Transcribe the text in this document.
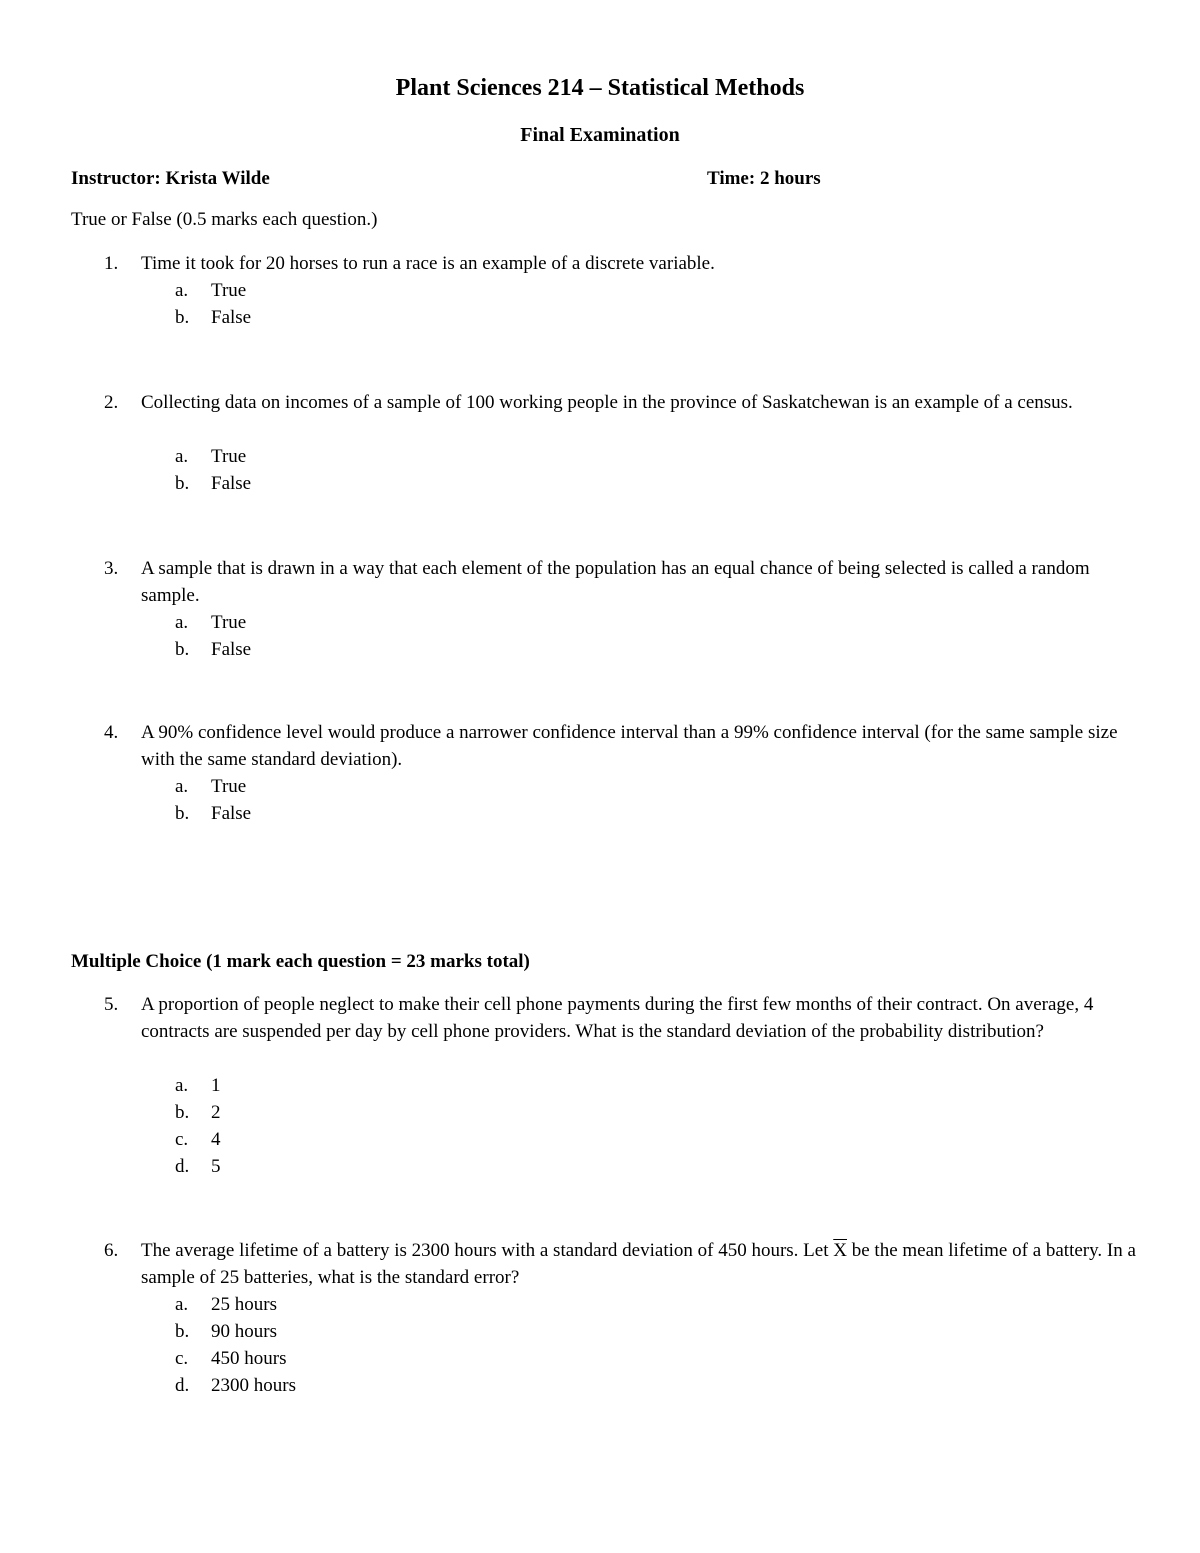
Plant Sciences 214 – Statistical Methods
Final Examination
Instructor: Krista Wilde	Time: 2 hours
True or False (0.5 marks each question.)
1. Time it took for 20 horses to run a race is an example of a discrete variable.
a. True
b. False
2. Collecting data on incomes of a sample of 100 working people in the province of Saskatchewan is an example of a census.
a. True
b. False
3. A sample that is drawn in a way that each element of the population has an equal chance of being selected is called a random sample.
a. True
b. False
4. A 90% confidence level would produce a narrower confidence interval than a 99% confidence interval (for the same sample size with the same standard deviation).
a. True
b. False
Multiple Choice (1 mark each question = 23 marks total)
5. A proportion of people neglect to make their cell phone payments during the first few months of their contract. On average, 4 contracts are suspended per day by cell phone providers. What is the standard deviation of the probability distribution?
a. 1
b. 2
c. 4
d. 5
6. The average lifetime of a battery is 2300 hours with a standard deviation of 450 hours. Let $\overline{X}$ be the mean lifetime of a battery. In a sample of 25 batteries, what is the standard error?
a. 25 hours
b. 90 hours
c. 450 hours
d. 2300 hours
